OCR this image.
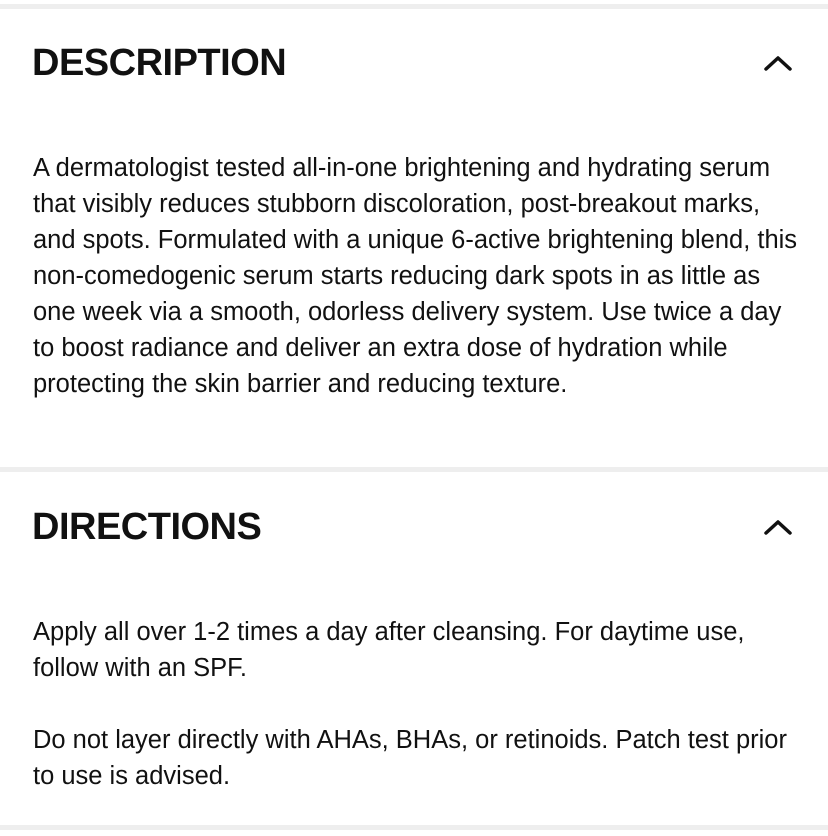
DESCRIPTION

A dermatologist tested all-in-one brightening and hydrating serum that visibly reduces stubborn discoloration, post-breakout marks, and spots. Formulated with a unique 6-active brightening blend, this non-comedogenic serum starts reducing dark spots in as little as one week via a smooth, odorless delivery system. Use twice a day to boost radiance and deliver an extra dose of hydration while protecting the skin barrier and reducing texture.

DIRECTIONS

Apply all over 1-2 times a day after cleansing. For daytime use, follow with an SPF.

Do not layer directly with AHAs, BHAs, or retinoids. Patch test prior to use is advised.
